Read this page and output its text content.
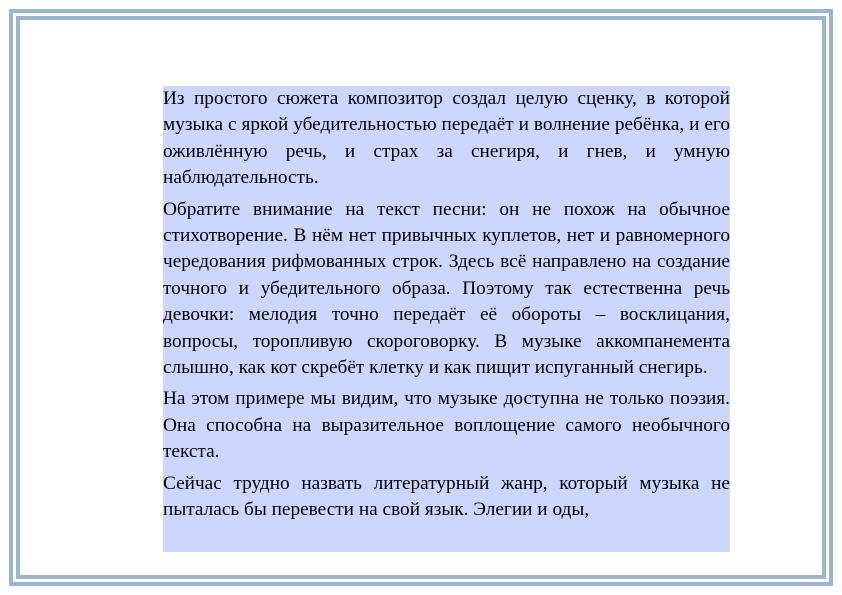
Из простого сюжета композитор создал целую сценку, в которой музыка с яркой убедительностью передаёт и волнение ребёнка, и его оживлённую речь, и страх за снегиря, и гнев, и умную наблюдательность.

Обратите внимание на текст песни: он не похож на обычное стихотворение. В нём нет привычных куплетов, нет и равномерного чередования рифмованных строк. Здесь всё направлено на создание точного и убедительного образа. Поэтому так естественна речь девочки: мелодия точно передаёт её обороты – восклицания, вопросы, торопливую скороговорку. В музыке аккомпанемента слышно, как кот скребёт клетку и как пищит испуганный снегирь.

На этом примере мы видим, что музыке доступна не только поэзия. Она способна на выразительное воплощение самого необычного текста.

Сейчас трудно назвать литературный жанр, который музыка не пыталась бы перевести на свой язык. Элегии и оды,
